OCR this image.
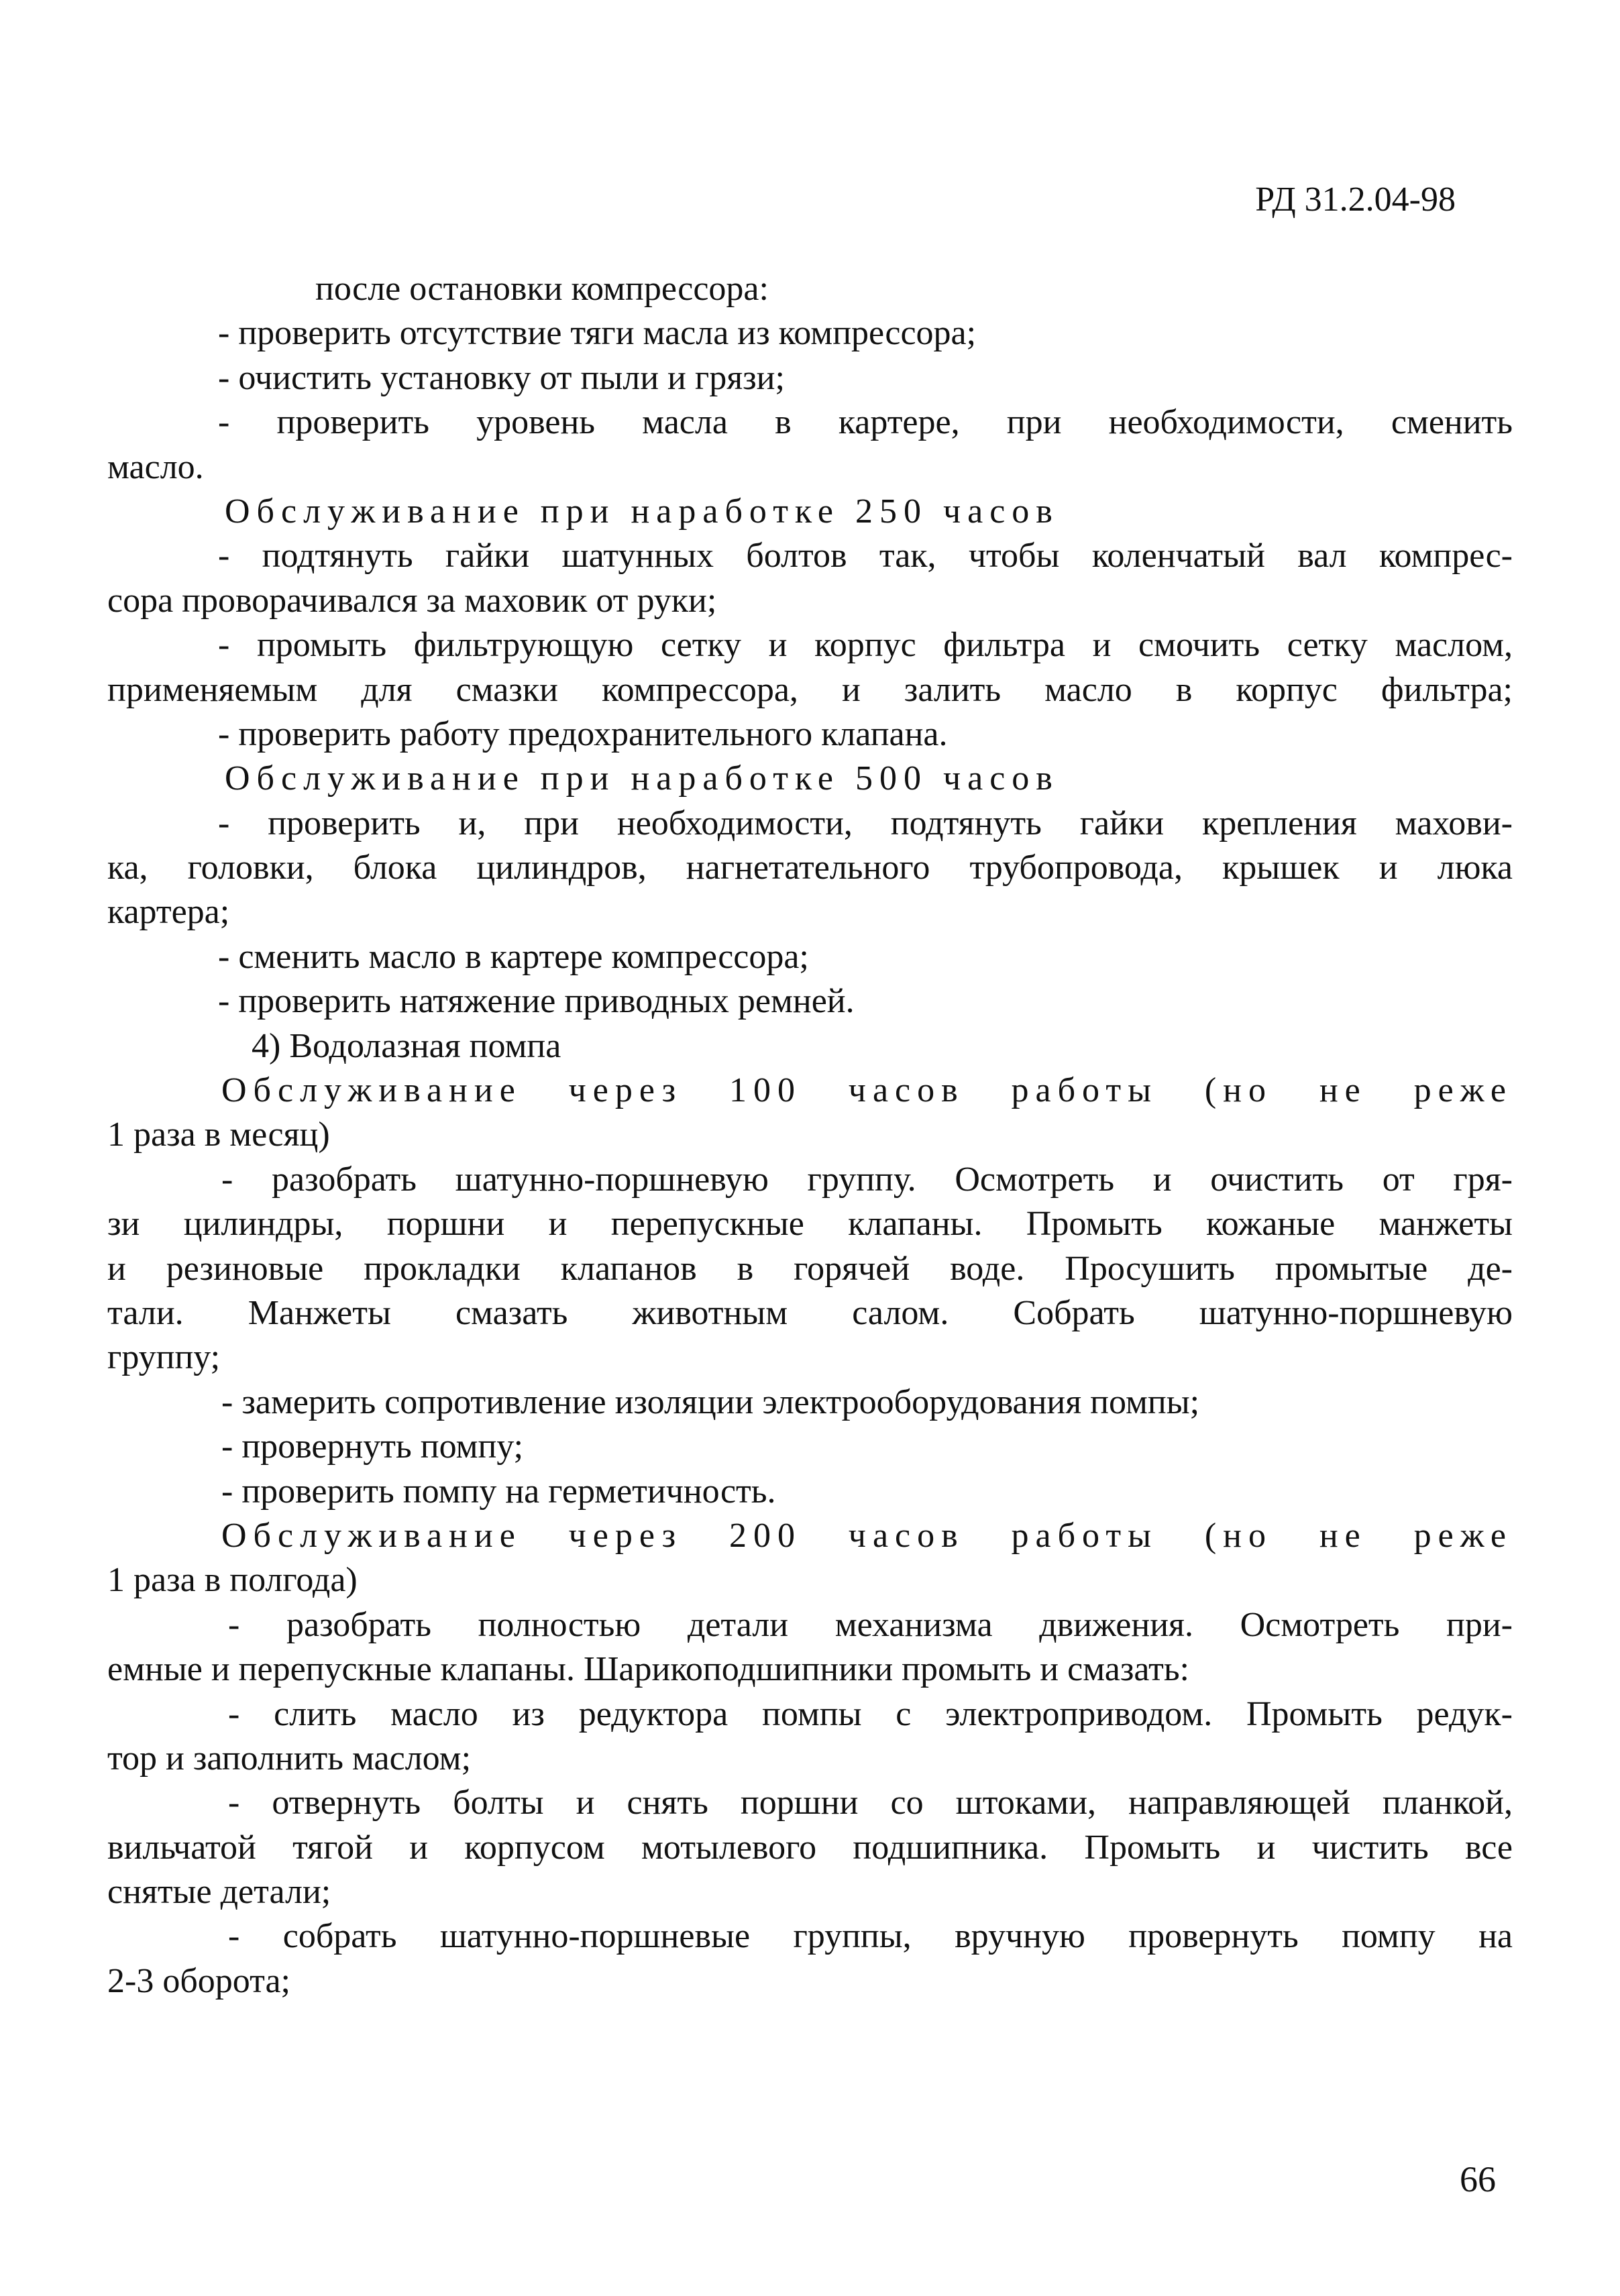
РД 31.2.04-98
после остановки компрессора:
- проверить отсутствие тяги масла из компрессора;
- очистить установку от пыли и грязи;
- проверить уровень масла в картере, при необходимости, сменить
масло.
Обслуживание при наработке 250 часов
- подтянуть гайки шатунных болтов так, чтобы коленчатый вал компрес-
сора проворачивался за маховик от руки;
- промыть фильтрующую сетку и корпус фильтра и смочить сетку маслом,
применяемым для смазки компрессора, и залить масло в корпус фильтра;
- проверить работу предохранительного клапана.
Обслуживание при наработке 500 часов
- проверить и, при необходимости, подтянуть гайки крепления махови-
ка, головки, блока цилиндров, нагнетательного трубопровода, крышек и люка
картера;
- сменить масло в картере компрессора;
- проверить натяжение приводных ремней.
4) Водолазная помпа
Обслуживание через 100 часов работы (но не реже
1 раза в месяц)
- разобрать шатунно-поршневую группу. Осмотреть и очистить от гря-
зи цилиндры, поршни и перепускные клапаны. Промыть кожаные манжеты
и резиновые прокладки клапанов в горячей воде. Просушить промытые де-
тали. Манжеты смазать животным салом. Собрать шатунно-поршневую
группу;
- замерить сопротивление изоляции электрооборудования помпы;
- провернуть помпу;
- проверить помпу на герметичность.
Обслуживание через 200 часов работы (но не реже
1 раза в полгода)
- разобрать полностью детали механизма движения. Осмотреть при-
емные и перепускные клапаны. Шарикоподшипники промыть и смазать:
- слить масло из редуктора помпы с электроприводом. Промыть редук-
тор и заполнить маслом;
- отвернуть болты и снять поршни со штоками, направляющей планкой,
вильчатой тягой и корпусом мотылевого подшипника. Промыть и чистить все
снятые детали;
- собрать шатунно-поршневые группы, вручную провернуть помпу на
2-3 оборота;
66
